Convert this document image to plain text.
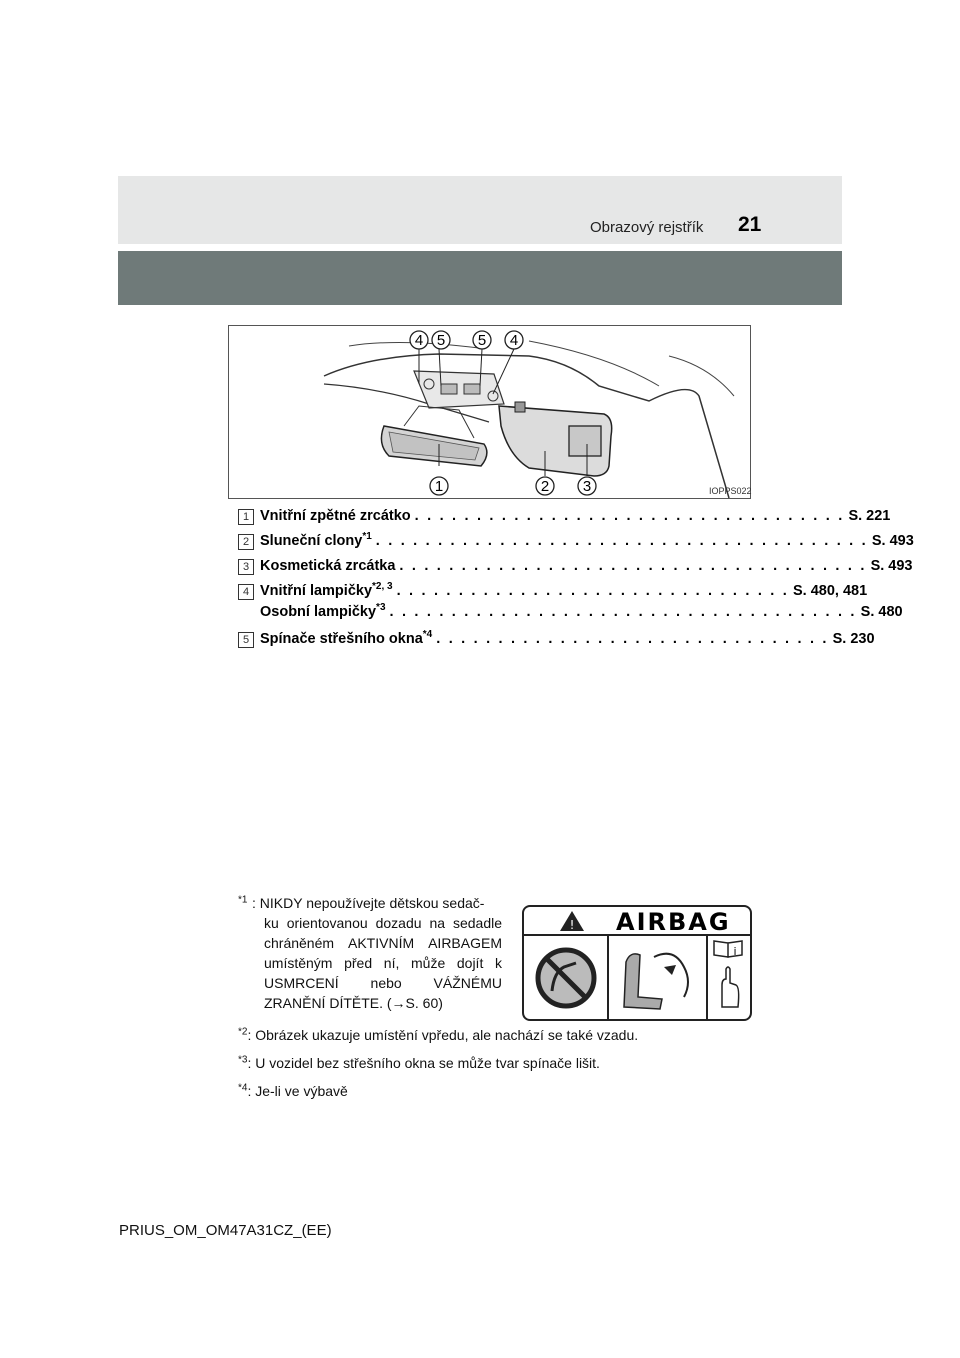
Obrazový rejstřík 21
4 5 5 4
1	2 3	IOPPS022
1 Vnitřní zpětné zrcátko . . . . . . . . . . . . . . . . . . . . . . . . . . . . . . . . . . . S. 221
2 Sluneční clony$^{*1}$ . . . . . . . . . . . . . . . . . . . . . . . . . . . . . . . . . . . . . . . . S. 493
3 Kosmetická zrcátka . . . . . . . . . . . . . . . . . . . . . . . . . . . . . . . . . . . . . . S. 493
4 Vnitřní lampičky$^{*2, 3}$ . . . . . . . . . . . . . . . . . . . . . . . . . . . . . . . . S. 480, 481
Osobní lampičky$^{*3}$ . . . . . . . . . . . . . . . . . . . . . . . . . . . . . . . . . . . . . . S. 480
5 Spínače střešního okna$^{*4}$ . . . . . . . . . . . . . . . . . . . . . . . . . . . . . . . . S. 230
$^{*1}$ : NIKDY nepoužívejte dětskou sedač-
ku orientovanou dozadu na sedadle chráněném AKTIVNÍM AIRBAGEM umístěným před ní, může dojít k USMRCENÍ nebo VÁŽNÉMU ZRANĚNÍ DÍTĚTE. (→S. 60)
!
i
AIRBAG
$^{*2}$: Obrázek ukazuje umístění vpředu, ale nachází se také vzadu.
$^{*3}$: U vozidel bez střešního okna se může tvar spínače lišit.
$^{*4}$: Je-li ve výbavě
PRIUS_OM_OM47A31CZ_(EE)
